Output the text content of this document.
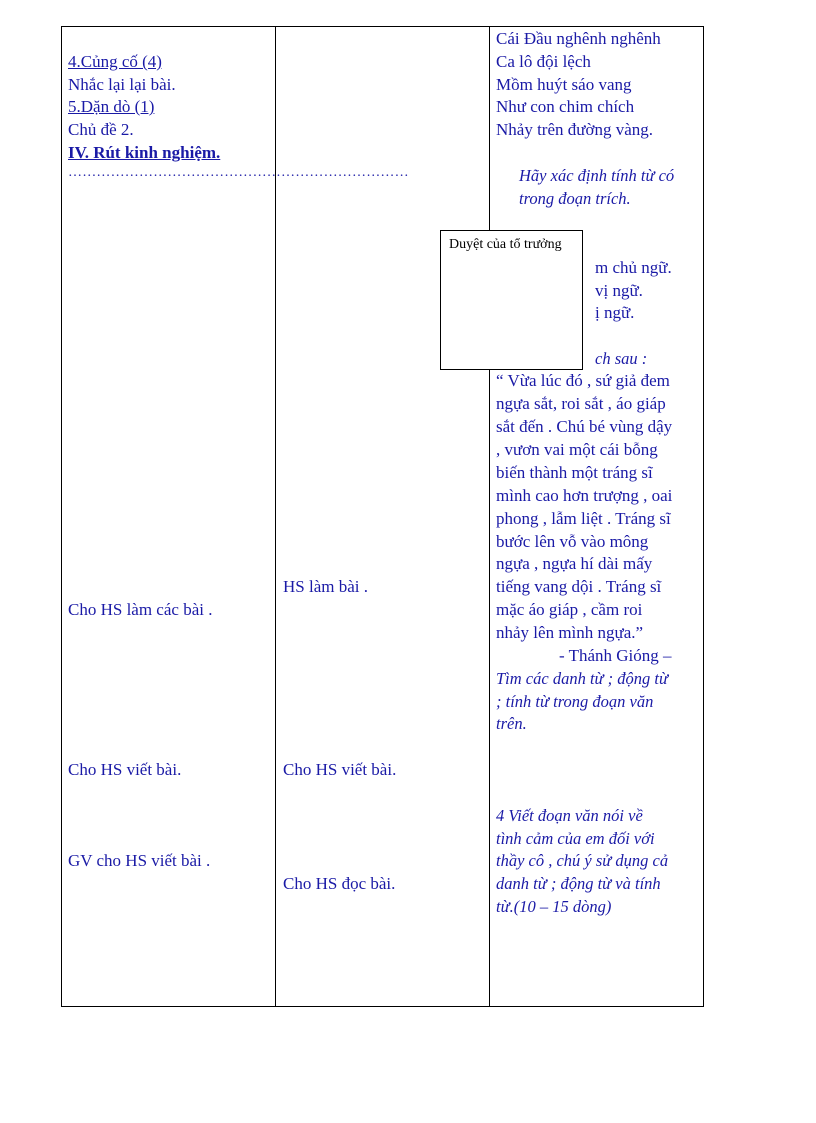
4.Củng cố (4)
Nhắc lại lại bài.
5.Dặn dò (1)
Chủ đề 2.
IV. Rút kinh nghiệm.
………………………………………………………………
Cho HS làm các bài .
Cho HS viết bài.
GV cho HS viết bài .
HS làm bài .
Cho HS viết bài.
Cho HS đọc bài.
Cái Đầu nghênh nghênh
Ca lô đội lệch
Mồm huýt sáo vang
Như con chim chích
Nhảy trên đường vàng.
Hãy xác định tính từ có
trong đoạn trích.
m chủ ngữ.
vị ngữ.
ị ngữ.
ch sau :
“ Vừa lúc đó , sứ giả đem
ngựa sắt, roi sắt , áo giáp
sắt đến . Chú bé vùng dậy
, vươn vai một cái bỗng
biến thành một tráng sĩ
mình cao hơn trượng , oai
phong , lẫm liệt . Tráng sĩ
bước lên vỗ vào mông
ngựa , ngựa hí dài mấy
tiếng vang dội . Tráng sĩ
mặc áo giáp , cầm roi
nhảy lên mình ngựa.”
- Thánh Gióng –
Tìm các danh từ ; động từ
; tính từ trong đoạn văn
trên.
4 Viết đoạn văn nói về
tình cảm của em đối với
thầy cô , chú ý sử dụng cả
danh từ ; động từ và tính
từ.(10 – 15 dòng)
Duyệt của tổ trưởng
